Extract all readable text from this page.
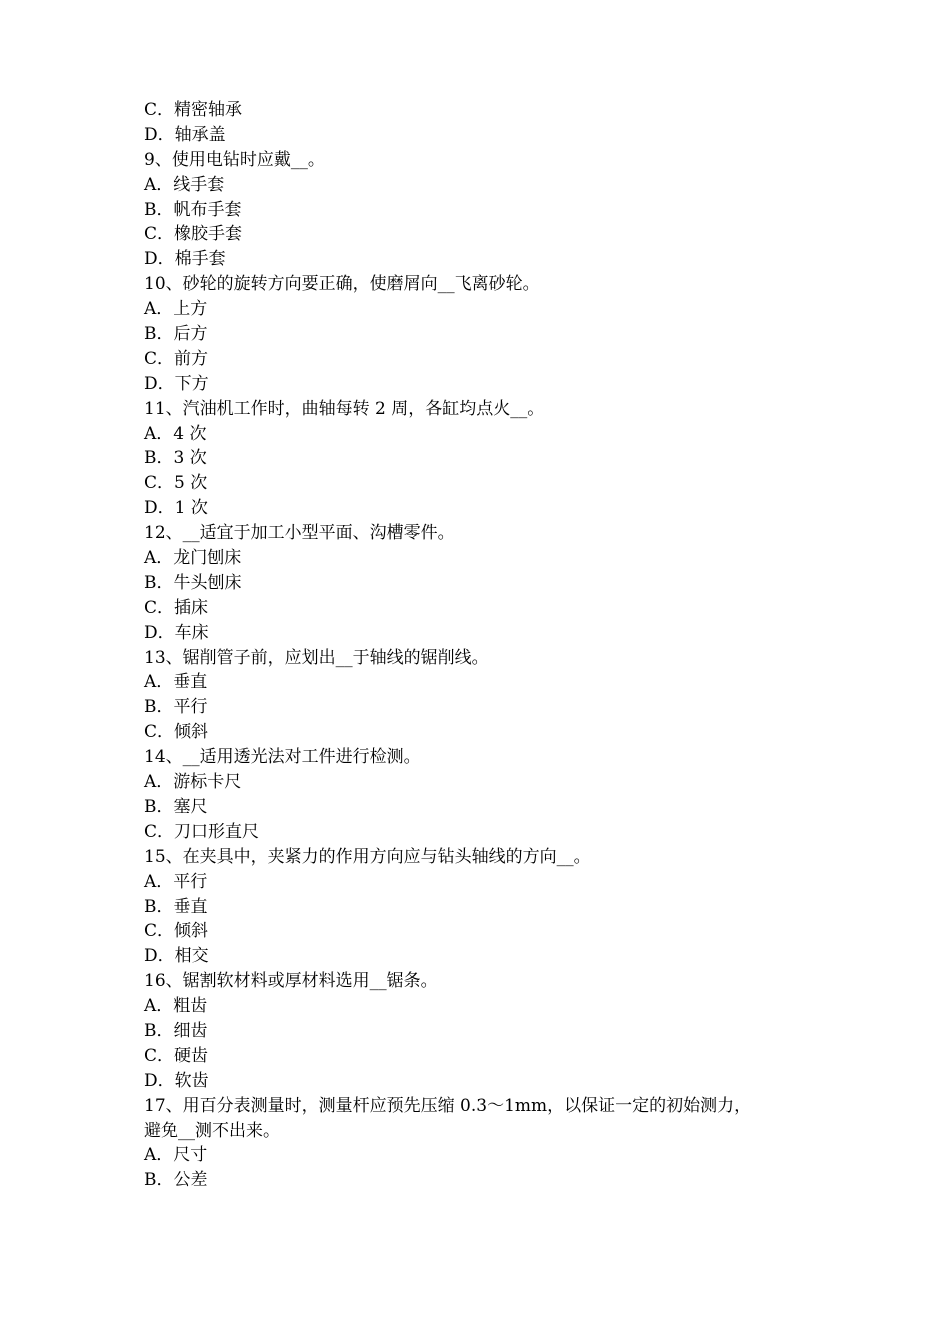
C．精密轴承
D．轴承盖
9、使用电钻时应戴__。
A．线手套
B．帆布手套
C．橡胶手套
D．棉手套
10、砂轮的旋转方向要正确，使磨屑向__飞离砂轮。
A．上方
B．后方
C．前方
D．下方
11、汽油机工作时，曲轴每转 2 周，各缸均点火__。
A．4 次
B．3 次
C．5 次
D．1 次
12、__适宜于加工小型平面、沟槽零件。
A．龙门刨床
B．牛头刨床
C．插床
D．车床
13、锯削管子前，应划出__于轴线的锯削线。
A．垂直
B．平行
C．倾斜
14、__适用透光法对工件进行检测。
A．游标卡尺
B．塞尺
C．刀口形直尺
15、在夹具中，夹紧力的作用方向应与钻头轴线的方向__。
A．平行
B．垂直
C．倾斜
D．相交
16、锯割软材料或厚材料选用__锯条。
A．粗齿
B．细齿
C．硬齿
D．软齿
17、用百分表测量时，测量杆应预先压缩 0.3～1mm，以保证一定的初始测力，
避免__测不出来。
A．尺寸
B．公差
